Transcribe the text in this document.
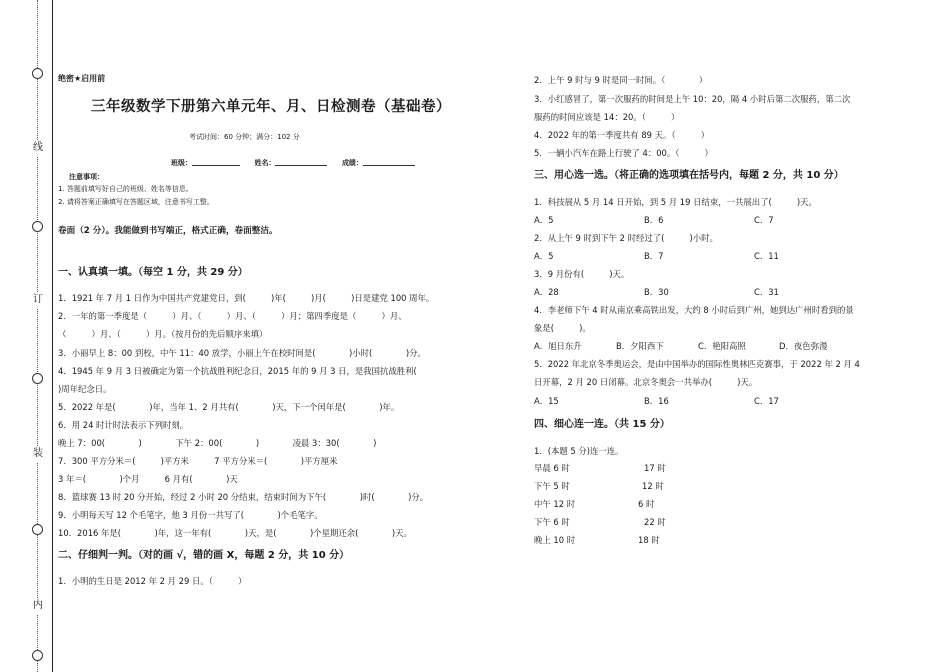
线
订
装
内
绝密★启用前
三年级数学下册第六单元年、月、日检测卷（基础卷）
考试时间：60 分钟；满分：102 分
班级：	姓名：	成绩：
注意事项：
1. 答题前填写好自己的班级、姓名等信息。
2. 请将答案正确填写在答题区域，注意书写工整。
卷面（2 分）。我能做到书写端正，格式正确，卷面整洁。
一、认真填一填。（每空 1 分，共 29 分）
1．1921 年 7 月 1 日作为中国共产党建党日，到(　　　)年(　　　)月(　　　)日是建党 100 周年。
2．一年的第一季度是（　　　）月、（　　　）月、（　　　）月；第四季度是（　　　）月、
（　　　）月、（　　　）月。（按月份的先后顺序来填）
3．小丽早上 8：00 到校，中午 11：40 放学，小丽上午在校时间是(　　　　)小时(　　　　)分。
4．1945 年 9 月 3 日被确定为第一个抗战胜利纪念日，2015 年的 9 月 3 日，是我国抗战胜利(
)周年纪念日。
5．2022 年是(　　　　)年，当年 1、2 月共有(　　　　)天，下一个闰年是(　　　　)年。
6．用 24 时计时法表示下列时刻。
晚上 7：00(　　　　)　　　　下午 2：00(　　　　)　　　　凌晨 3：30(　　　　)
7．300 平方分米＝(　　　)平方米　　　7 平方分米＝(　　　　)平方厘米
3 年＝(　　　　)个月　　　6 月有(　　　　)天
8．篮球赛 13 时 20 分开始，经过 2 小时 20 分结束，结束时间为下午(　　　　)时(　　　　)分。
9．小明每天写 12 个毛笔字，他 3 月份一共写了(　　　　)个毛笔字。
10．2016 年是(　　　　)年，这一年有(　　　　)天，是(　　　　)个星期还余(　　　　)天。
二、仔细判一判。（对的画 √，错的画 X，每题 2 分，共 10 分）
1．小明的生日是 2012 年 2 月 29 日。（　　　）
2．上午 9 时与 9 时是同一时间。（　　　　）
3．小红感冒了，第一次服药的时间是上午 10：20，隔 4 小时后第二次服药，第二次
服药的时间应该是 14：20。（　　　）
4．2022 年的第一季度共有 89 天。（　　　）
5．一辆小汽车在路上行驶了 4：00。（　　　）
三、用心选一选。（将正确的选项填在括号内，每题 2 分，共 10 分）
1．科技展从 5 月 14 日开始，到 5 月 19 日结束，一共展出了(　　　)天。
A．5	B．6	C．7
2．从上午 9 时到下午 2 时经过了(　　　)小时。
A．5	B．7	C．11
3．9 月份有(　　　)天。
A．28	B．30	C．31
4．李老师下午 4 时从南京乘高铁出发，大约 8 小时后到广州，她到达广州时看到的景
象是(　　　)。
A．旭日东升	B．夕阳西下	C．艳阳高照	D．夜色弥漫
5．2022 年北京冬季奥运会，是由中国举办的国际性奥林匹克赛事，于 2022 年 2 月 4
日开幕，2 月 20 日闭幕。北京冬奥会一共举办(　　　)天。
A．15	B．16	C．17
四、细心连一连。（共 15 分）
1．(本题 5 分)连一连。
早晨 6 时	17 时
下午 5 时	12 时
中午 12 时	6 时
下午 6 时	22 时
晚上 10 时	18 时
